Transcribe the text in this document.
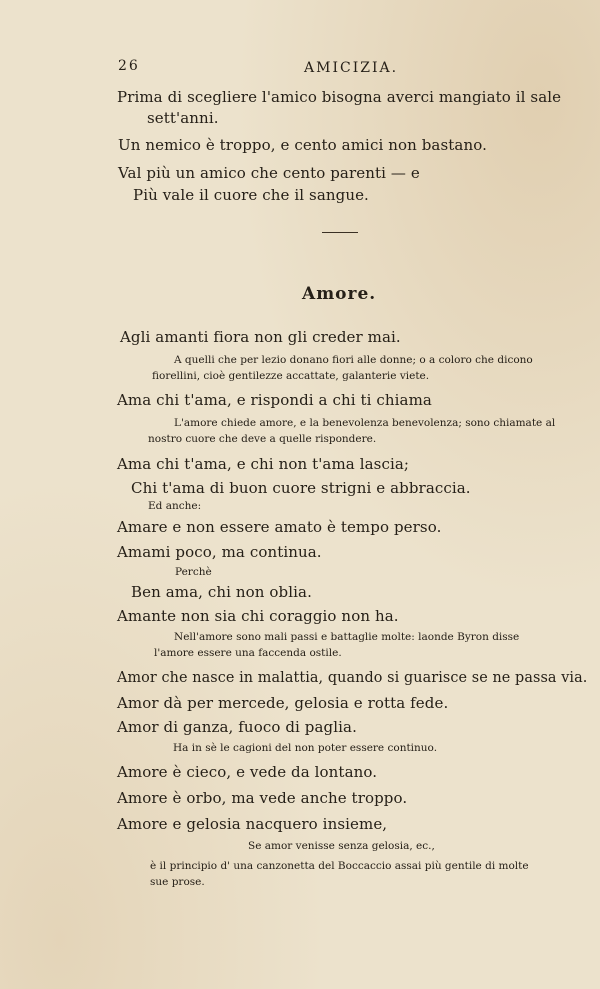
26	AMICIZIA.
Prima di scegliere l'amico bisogna averci mangiato il sale
sett'anni.
Un nemico è troppo, e cento amici non bastano.
Val più un amico che cento parenti — e
Più vale il cuore che il sangue.
Amore.
Agli amanti fiora non gli creder mai.
A quelli che per lezio donano fiori alle donne; o a coloro che dicono
fiorellini, cioè gentilezze accattate, galanterie viete.
Ama chi t'ama, e rispondi a chi ti chiama
L'amore chiede amore, e la benevolenza benevolenza; sono chiamate al
nostro cuore che deve a quelle rispondere.
Ama chi t'ama, e chi non t'ama lascia;
Chi t'ama di buon cuore strigni e abbraccia.
Ed anche:
Amare e non essere amato è tempo perso.
Amami poco, ma continua.
Perchè
Ben ama, chi non oblia.
Amante non sia chi coraggio non ha.
Nell'amore sono mali passi e battaglie molte: laonde Byron disse
l'amore essere una faccenda ostile.
Amor che nasce in malattia, quando si guarisce se ne passa via.
Amor dà per mercede, gelosia e rotta fede.
Amor di ganza, fuoco di paglia.
Ha in sè le cagioni del non poter essere continuo.
Amore è cieco, e vede da lontano.
Amore è orbo, ma vede anche troppo.
Amore e gelosia nacquero insieme,
Se amor venisse senza gelosia, ec.,
è il principio d' una canzonetta del Boccaccio assai più gentile di molte
sue prose.
